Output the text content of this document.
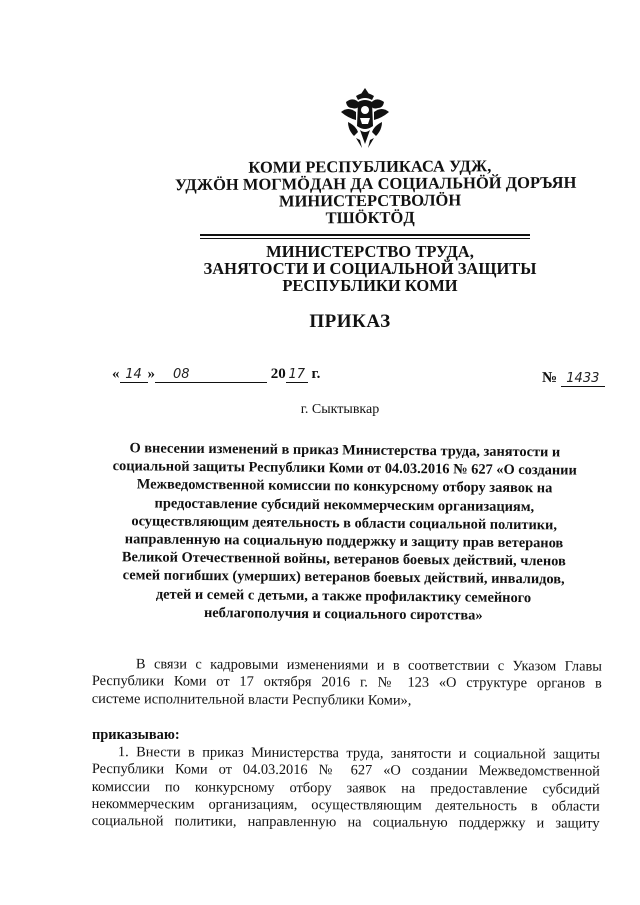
КОМИ РЕСПУБЛИКАСА УДЖ,
УДЖӦН МОГМӦДАН ДА СОЦИАЛЬНӦЙ ДОРЪЯН
МИНИСТЕРСТВОЛӦН
ТШӦКТӦД
МИНИСТЕРСТВО ТРУДА,
ЗАНЯТОСТИ И СОЦИАЛЬНОЙ ЗАЩИТЫ
РЕСПУБЛИКИ КОМИ
ПРИКАЗ
« 14 » 08	20 17 г.	№ 1433
г. Сыктывкар
О внесении изменений в приказ Министерства труда, занятости и
социальной защиты Республики Коми от 04.03.2016 № 627 «О создании
Межведомственной комиссии по конкурсному отбору заявок на
предоставление субсидий некоммерческим организациям,
осуществляющим деятельность в области социальной политики,
направленную на социальную поддержку и защиту прав ветеранов
Великой Отечественной войны, ветеранов боевых действий, членов
семей погибших (умерших) ветеранов боевых действий, инвалидов,
детей и семей с детьми, а также профилактику семейного
неблагополучия и социального сиротства»
В связи с кадровыми изменениями и в соответствии с Указом Главы
Республики Коми от 17 октября 2016 г. № 123 «О структуре органов в
системе исполнительной власти Республики Коми»,
приказываю:
1. Внести в приказ Министерства труда, занятости и социальной защиты
Республики Коми от 04.03.2016 № 627 «О создании Межведомственной
комиссии по конкурсному отбору заявок на предоставление субсидий
некоммерческим организациям, осуществляющим деятельность в области
социальной политики, направленную на социальную поддержку и защиту
